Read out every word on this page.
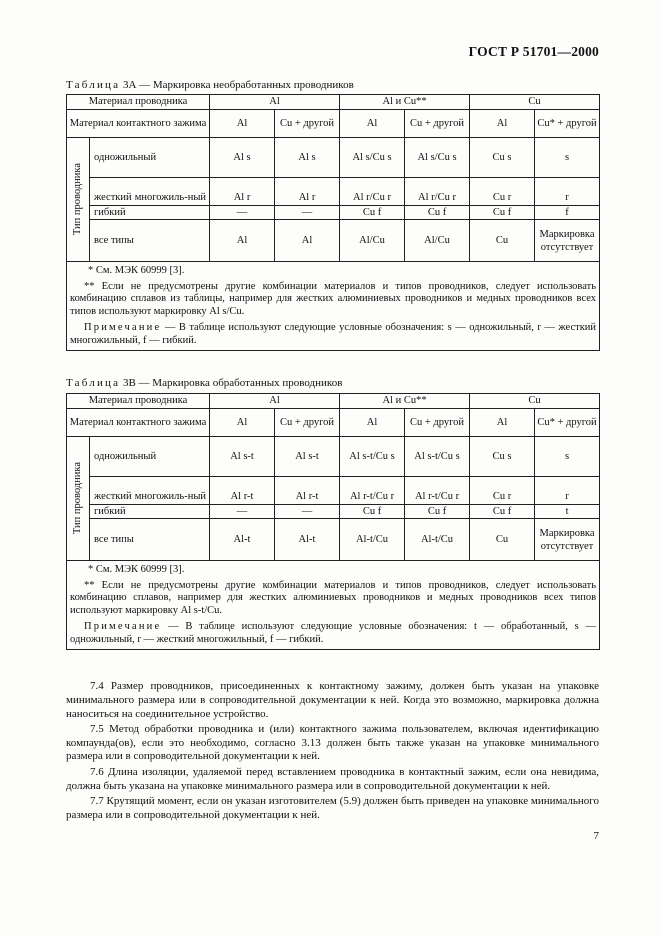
ГОСТ Р 51701—2000
Таблица 3А — Маркировка необработанных проводников
Материал проводника		Al		Al и Cu**		Cu	
Материал контактного зажима		Al	Cu + другой	Al	Cu + другой	Al	Cu* + другой

Тип проводника	одножильный	Al s	Al s	Al s/Cu s	Al s/Cu s	Cu s	s

	жесткий многожиль-ный	Al r	Al r	Al r/Cu r	Al r/Cu r	Cu r	r
	гибкий	—	—	Cu f	Cu f	Cu f	f
	все типы	Al	Al	Al/Cu	Al/Cu	Cu	Маркировка отсутствует

* См. МЭК 60999 [3].
** Если не предусмотрены другие комбинации материалов и типов проводников, следует использовать комбинацию сплавов из таблицы, например для жестких алюминиевых проводников и медных проводников всех типов используют маркировку Al s/Cu.
Примечание — В таблице используют следующие условные обозначения: s — одножильный, r — жесткий многожильный, f — гибкий.							
Таблица 3В — Маркировка обработанных проводников
Материал проводника		Al		Al и Cu**		Cu	
Материал контактного зажима		Al	Cu + другой	Al	Cu + другой	Al	Cu* + другой

Тип проводника	одножильный	Al s-t	Al s-t	Al s-t/Cu s	Al s-t/Cu s	Cu s	s

	жесткий многожиль-ный	Al r-t	Al r-t	Al r-t/Cu r	Al r-t/Cu r	Cu r	r
	гибкий	—	—	Cu f	Cu f	Cu f	t
	все типы	Al-t	Al-t	Al-t/Cu	Al-t/Cu	Cu	Маркировка отсутствует

* См. МЭК 60999 [3].
** Если не предусмотрены другие комбинации материалов и типов проводников, следует использовать комбинацию сплавов, например для жестких алюминиевых проводников и медных проводников всех типов используют маркировку Al s-t/Cu.
Примечание — В таблице используют следующие условные обозначения: t — обработанный, s — одножильный, r — жесткий многожильный, f — гибкий.							

7.4 Размер проводников, присоединенных к контактному зажиму, должен быть указан на упаковке минимального размера или в сопроводительной документации к ней. Когда это возможно, маркировка должна наноситься на соединительное устройство.

7.5 Метод обработки проводника и (или) контактного зажима пользователем, включая идентификацию компаунда(ов), если это необходимо, согласно 3.13 должен быть также указан на упаковке минимального размера или в сопроводительной документации к ней.

7.6 Длина изоляции, удаляемой перед вставлением проводника в контактный зажим, если она невидима, должна быть указана на упаковке минимального размера или в сопроводительной документации к ней.

7.7 Крутящий момент, если он указан изготовителем (5.9) должен быть приведен на упаковке минимального размера или в сопроводительной документации к ней.

7
